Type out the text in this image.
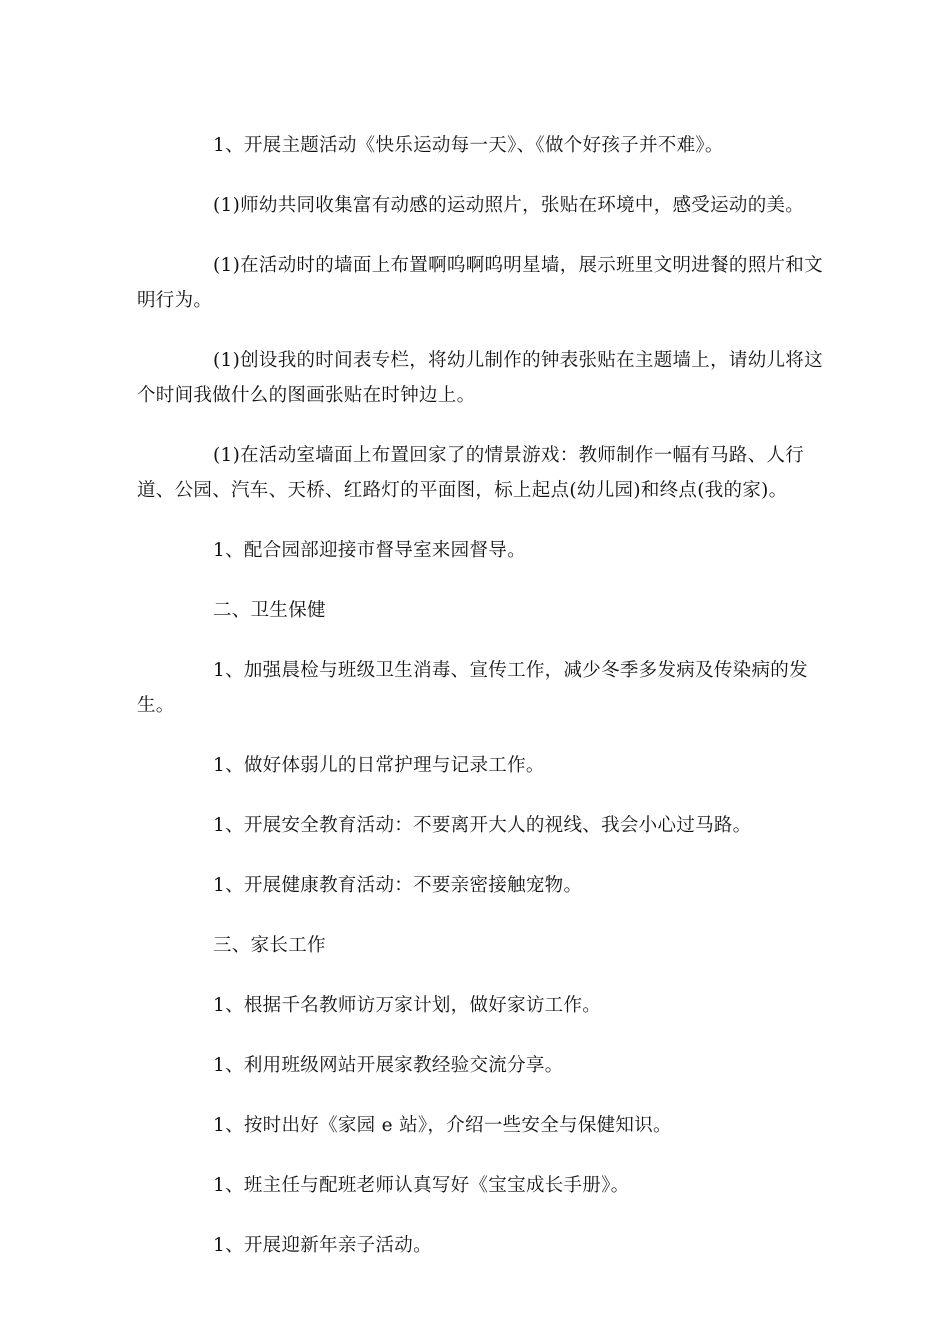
1、开展主题活动《快乐运动每一天》、《做个好孩子并不难》。

(1)师幼共同收集富有动感的运动照片，张贴在环境中，感受运动的美。

(1)在活动时的墙面上布置啊呜啊呜明星墙，展示班里文明进餐的照片和文明行为。

(1)创设我的时间表专栏，将幼儿制作的钟表张贴在主题墙上，请幼儿将这个时间我做什么的图画张贴在时钟边上。

(1)在活动室墙面上布置回家了的情景游戏：教师制作一幅有马路、人行道、公园、汽车、天桥、红路灯的平面图，标上起点(幼儿园)和终点(我的家)。

1、配合园部迎接市督导室来园督导。

二、卫生保健

1、加强晨检与班级卫生消毒、宣传工作，减少冬季多发病及传染病的发生。

1、做好体弱儿的日常护理与记录工作。

1、开展安全教育活动：不要离开大人的视线、我会小心过马路。

1、开展健康教育活动：不要亲密接触宠物。

三、家长工作

1、根据千名教师访万家计划，做好家访工作。

1、利用班级网站开展家教经验交流分享。

1、按时出好《家园 e 站》，介绍一些安全与保健知识。

1、班主任与配班老师认真写好《宝宝成长手册》。

1、开展迎新年亲子活动。
